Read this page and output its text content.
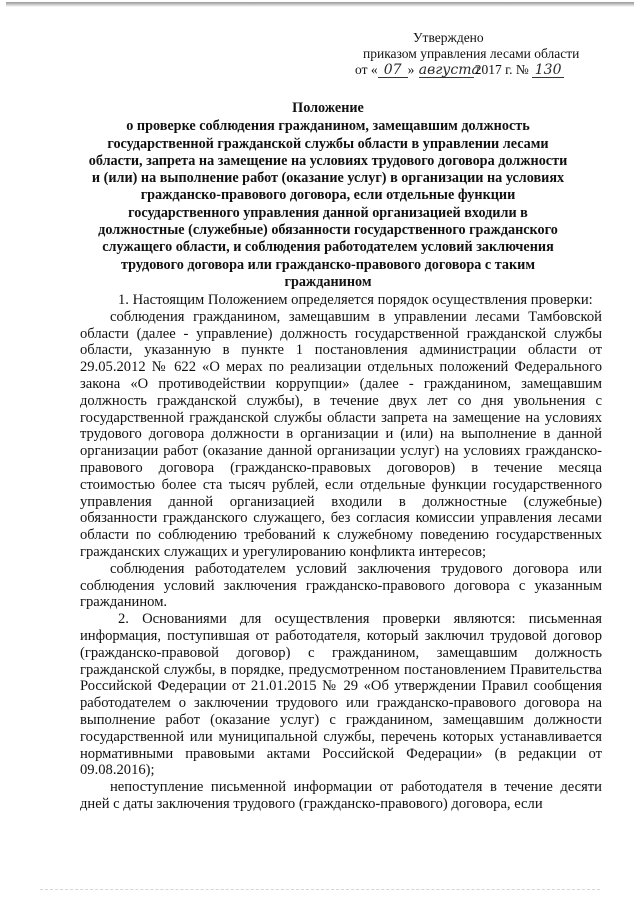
Утверждено
приказом управления лесами области
от « 07 » августа2017 г. № 130
Положение
о проверке соблюдения гражданином, замещавшим должность
государственной гражданской службы области в управлении лесами
области, запрета на замещение на условиях трудового договора должности
и (или) на выполнение работ (оказание услуг) в организации на условиях
гражданско-правового договора, если отдельные функции
государственного управления данной организацией входили в
должностные (служебные) обязанности государственного гражданского
служащего области, и соблюдения работодателем условий заключения
трудового договора или гражданско-правового договора с таким
гражданином

1. Настоящим Положением определяется порядок осуществления проверки:

соблюдения гражданином, замещавшим в управлении лесами Тамбовской области (далее - управление) должность государственной гражданской службы области, указанную в пункте 1 постановления администрации области от 29.05.2012 № 622 «О мерах по реализации отдельных положений Федерального закона «О противодействии коррупции» (далее - гражданином, замещавшим должность гражданской службы), в течение двух лет со дня увольнения с государственной гражданской службы области запрета на замещение на условиях трудового договора должности в организации и (или) на выполнение в данной организации работ (оказание данной организации услуг) на условиях гражданско-правового договора (гражданско-правовых договоров) в течение месяца стоимостью более ста тысяч рублей, если отдельные функции государственного управления данной организацией входили в должностные (служебные) обязанности гражданского служащего, без согласия комиссии управления лесами области по соблюдению требований к служебному поведению государственных гражданских служащих и урегулированию конфликта интересов;

соблюдения работодателем условий заключения трудового договора или соблюдения условий заключения гражданско-правового договора с указанным гражданином.

2. Основаниями для осуществления проверки являются: письменная информация, поступившая от работодателя, который заключил трудовой договор (гражданско-правовой договор) с гражданином, замещавшим должность гражданской службы, в порядке, предусмотренном постановлением Правительства Российской Федерации от 21.01.2015 № 29 «Об утверждении Правил сообщения работодателем о заключении трудового или гражданско-правового договора на выполнение работ (оказание услуг) с гражданином, замещавшим должности государственной или муниципальной службы, перечень которых устанавливается нормативными правовыми актами Российской Федерации» (в редакции от 09.08.2016);

непоступление письменной информации от работодателя в течение десяти дней с даты заключения трудового (гражданско-правового) договора, если
